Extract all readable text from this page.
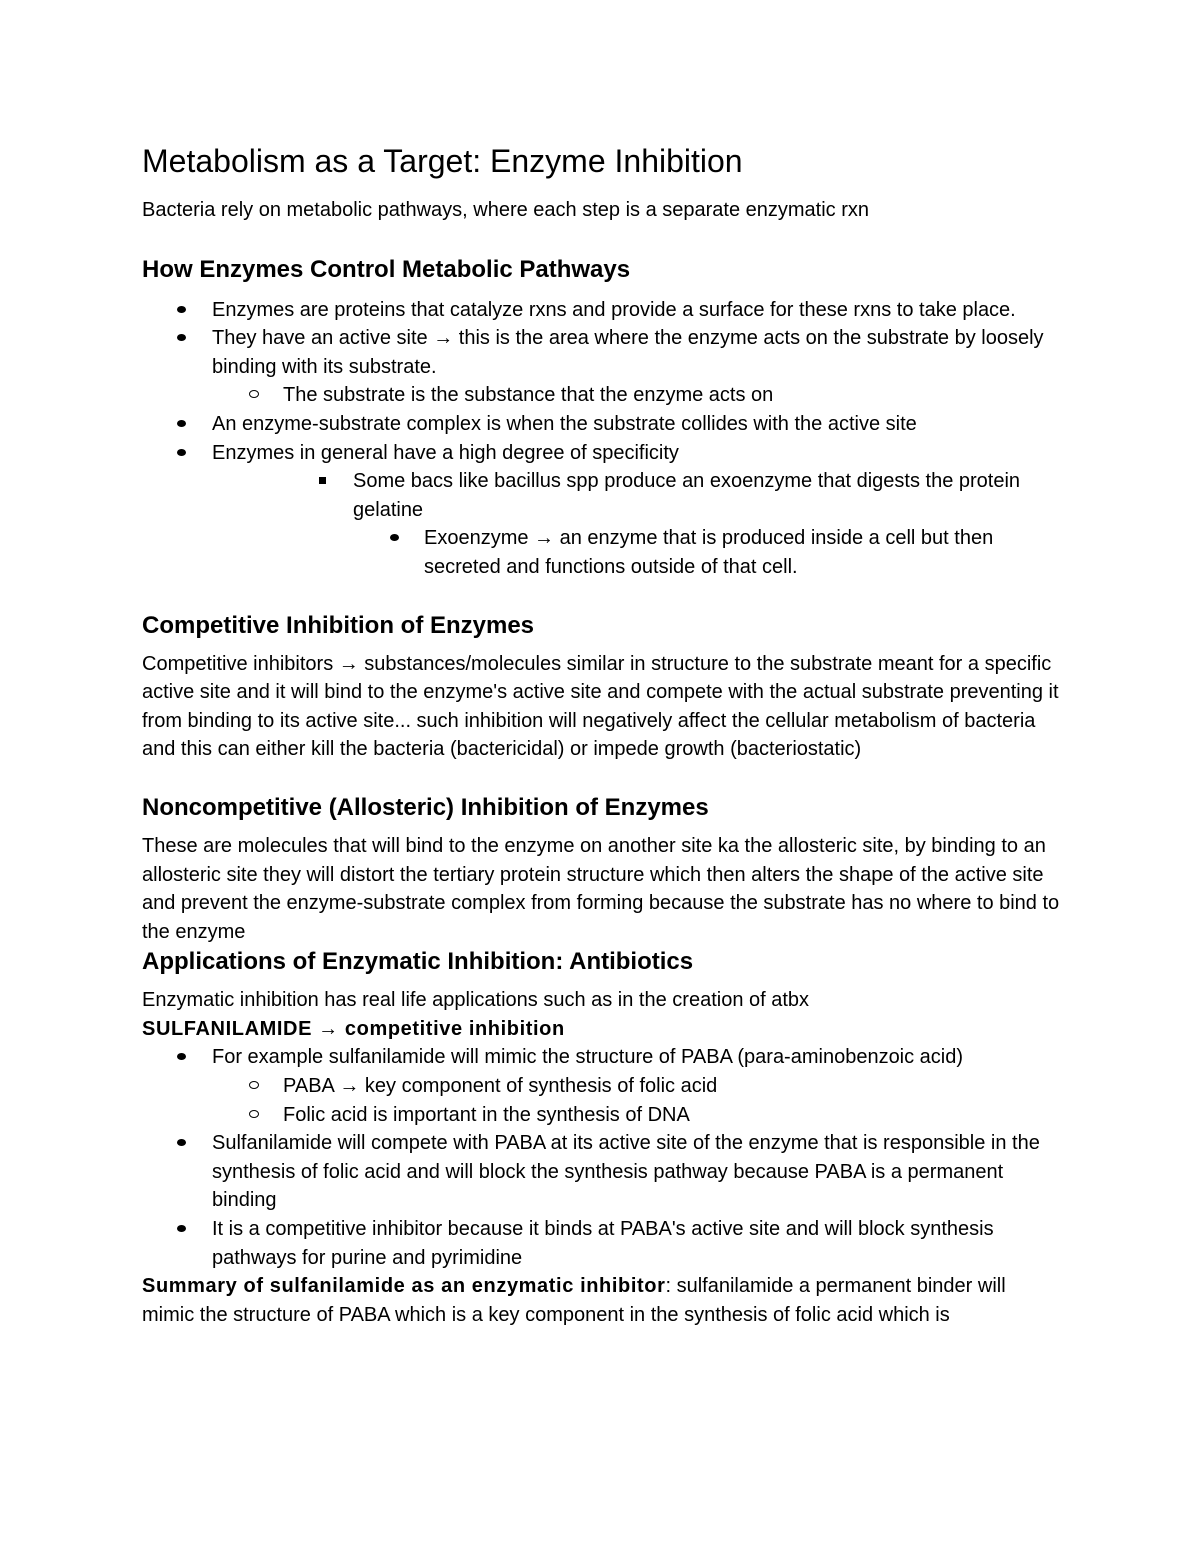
Metabolism as a Target: Enzyme Inhibition

Bacteria rely on metabolic pathways, where each step is a separate enzymatic rxn

How Enzymes Control Metabolic Pathways
Enzymes are proteins that catalyze rxns and provide a surface for these rxns to take place.
They have an active site → this is the area where the enzyme acts on the substrate by loosely binding with its substrate.
The substrate is the substance that the enzyme acts on
An enzyme-substrate complex is when the substrate collides with the active site
Enzymes in general have a high degree of specificity
Some bacs like bacillus spp produce an exoenzyme that digests the protein gelatine
Exoenzyme → an enzyme that is produced inside a cell but then secreted and functions outside of that cell.
Competitive Inhibition of Enzymes

Competitive inhibitors → substances/molecules similar in structure to the substrate meant for a specific active site and it will bind to the enzyme's active site and compete with the actual substrate preventing it from binding to its active site... such inhibition will negatively affect the cellular metabolism of bacteria and this can either kill the bacteria (bactericidal) or impede growth (bacteriostatic)

Noncompetitive (Allosteric) Inhibition of Enzymes

These are molecules that will bind to the enzyme on another site ka the allosteric site, by binding to an allosteric site they will distort the tertiary protein structure which then alters the shape of the active site and prevent the enzyme-substrate complex from forming because the substrate has no where to bind to the enzyme

Applications of Enzymatic Inhibition: Antibiotics

Enzymatic inhibition has real life applications such as in the creation of atbx

SULFANILAMIDE → competitive inhibition

For example sulfanilamide will mimic the structure of PABA (para-aminobenzoic acid)
PABA → key component of synthesis of folic acid
Folic acid is important in the synthesis of DNA
Sulfanilamide will compete with PABA at its active site of the enzyme that is responsible in the synthesis of folic acid and will block the synthesis pathway because PABA is a permanent binding
It is a competitive inhibitor because it binds at PABA's active site and will block synthesis pathways for purine and pyrimidine

Summary of sulfanilamide as an enzymatic inhibitor: sulfanilamide a permanent binder will mimic the structure of PABA which is a key component in the synthesis of folic acid which is
